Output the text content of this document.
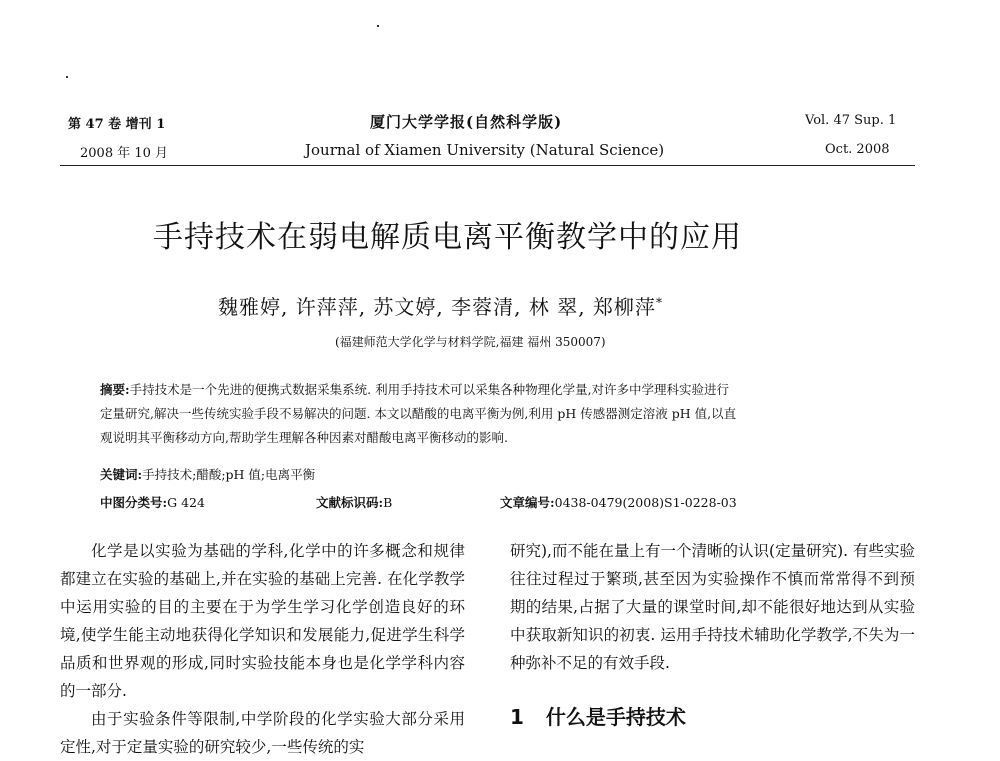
第 47 卷 增刊 1
2008 年 10 月
厦门大学学报(自然科学版)
Journal of Xiamen University (Natural Science)
Vol. 47 Sup. 1
Oct. 2008
手持技术在弱电解质电离平衡教学中的应用
魏雅婷, 许萍萍, 苏文婷, 李蓉清, 林 翠, 郑柳萍*
(福建师范大学化学与材料学院,福建 福州 350007)
摘要:手持技术是一个先进的便携式数据采集系统. 利用手持技术可以采集各种物理化学量,对许多中学理科实验进行
定量研究,解决一些传统实验手段不易解决的问题. 本文以醋酸的电离平衡为例,利用 pH 传感器测定溶液 pH 值,以直
观说明其平衡移动方向,帮助学生理解各种因素对醋酸电离平衡移动的影响.
关键词:手持技术;醋酸;pH 值;电离平衡
中图分类号:G 424	文献标识码:B	文章编号:0438-0479(2008)S1-0228-03

化学是以实验为基础的学科,化学中的许多概念和规律都建立在实验的基础上,并在实验的基础上完善. 在化学教学中运用实验的目的主要在于为学生学习化学创造良好的环境,使学生能主动地获得化学知识和发展能力,促进学生科学品质和世界观的形成,同时实验技能本身也是化学学科内容的一部分.

由于实验条件等限制,中学阶段的化学实验大部分采用定性,对于定量实验的研究较少,一些传统的实

研究),而不能在量上有一个清晰的认识(定量研究). 有些实验往往过程过于繁琐,甚至因为实验操作不慎而常常得不到预期的结果,占据了大量的课堂时间,却不能很好地达到从实验中获取新知识的初衷. 运用手持技术辅助化学教学,不失为一种弥补不足的有效手段.

1 什么是手持技术
